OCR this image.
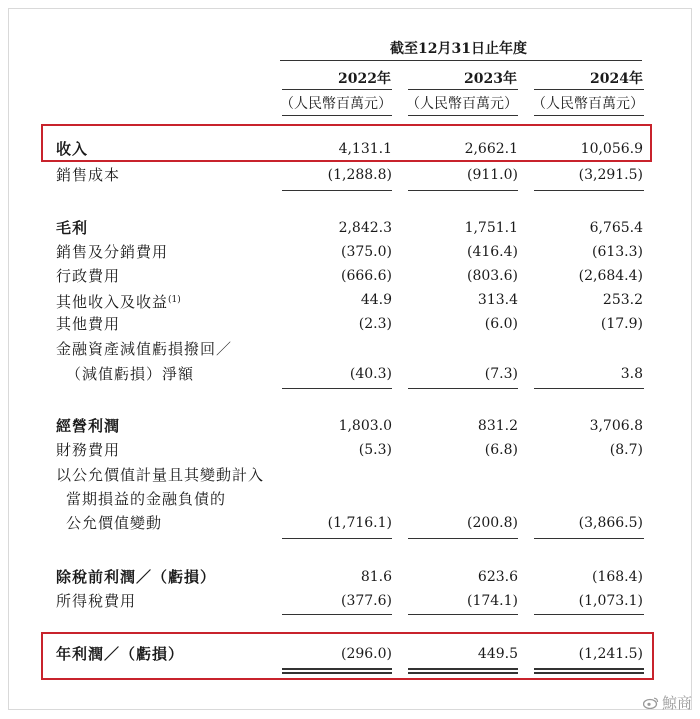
截至12月31日止年度
2022年	2023年	2024年
（人民幣百萬元） （人民幣百萬元） （人民幣百萬元）
收入	4,131.1	2,662.1	10,056.9
銷售成本	(1,288.8)	(911.0)	(3,291.5)
毛利	2,842.3	1,751.1	6,765.4
銷售及分銷費用	(375.0)	(416.4)	(613.3)
行政費用	(666.6)	(803.6)	(2,684.4)
其他收入及收益$^{(1)}$	44.9	313.4	253.2
其他費用	(2.3)	(6.0)	(17.9)
金融資產減值虧損撥回／
（減值虧損）淨額	(40.3)	(7.3)	3.8
經營利潤	1,803.0	831.2	3,706.8
財務費用	(5.3)	(6.8)	(8.7)
以公允價值計量且其變動計入
當期損益的金融負債的
公允價值變動	(1,716.1)	(200.8)	(3,866.5)
除稅前利潤／（虧損）	81.6	623.6	(168.4)
所得稅費用	(377.6)	(174.1)	(1,073.1)
年利潤／（虧損）	(296.0)	449.5	(1,241.5)
鯨商
